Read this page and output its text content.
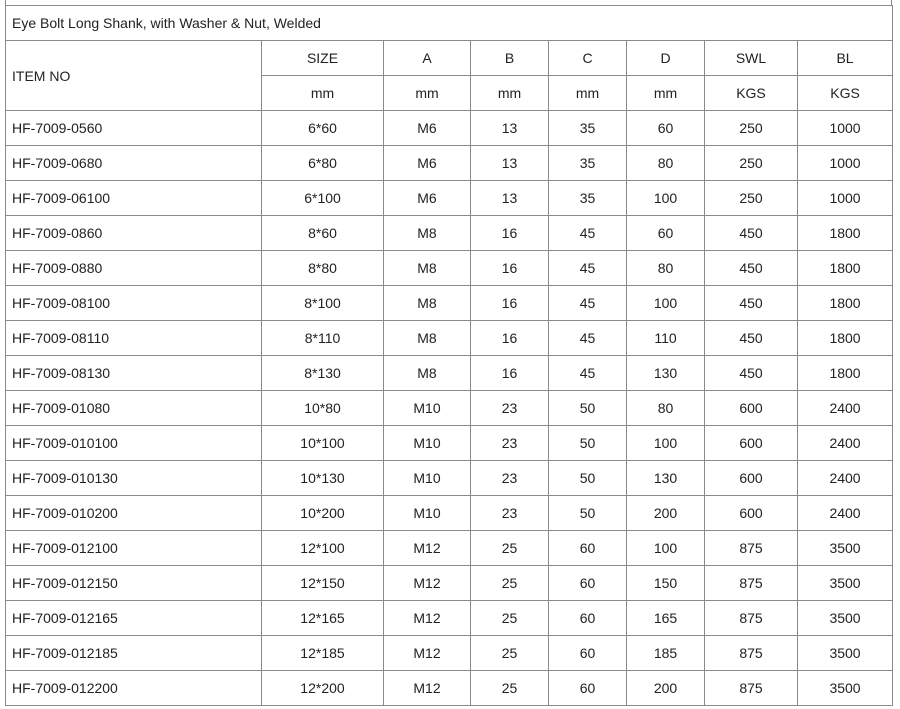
Eye Bolt Long Shank, with Washer & Nut, Welded							
ITEM NO	SIZE	A	B	C	D	SWL	BL
	mm	mm	mm	mm	mm	KGS	KGS
HF-7009-0560	6*60	M6	13	35	60	250	1000
HF-7009-0680	6*80	M6	13	35	80	250	1000
HF-7009-06100	6*100	M6	13	35	100	250	1000
HF-7009-0860	8*60	M8	16	45	60	450	1800
HF-7009-0880	8*80	M8	16	45	80	450	1800
HF-7009-08100	8*100	M8	16	45	100	450	1800
HF-7009-08110	8*110	M8	16	45	110	450	1800
HF-7009-08130	8*130	M8	16	45	130	450	1800
HF-7009-01080	10*80	M10	23	50	80	600	2400
HF-7009-010100	10*100	M10	23	50	100	600	2400
HF-7009-010130	10*130	M10	23	50	130	600	2400
HF-7009-010200	10*200	M10	23	50	200	600	2400
HF-7009-012100	12*100	M12	25	60	100	875	3500
HF-7009-012150	12*150	M12	25	60	150	875	3500
HF-7009-012165	12*165	M12	25	60	165	875	3500
HF-7009-012185	12*185	M12	25	60	185	875	3500
HF-7009-012200	12*200	M12	25	60	200	875	3500
